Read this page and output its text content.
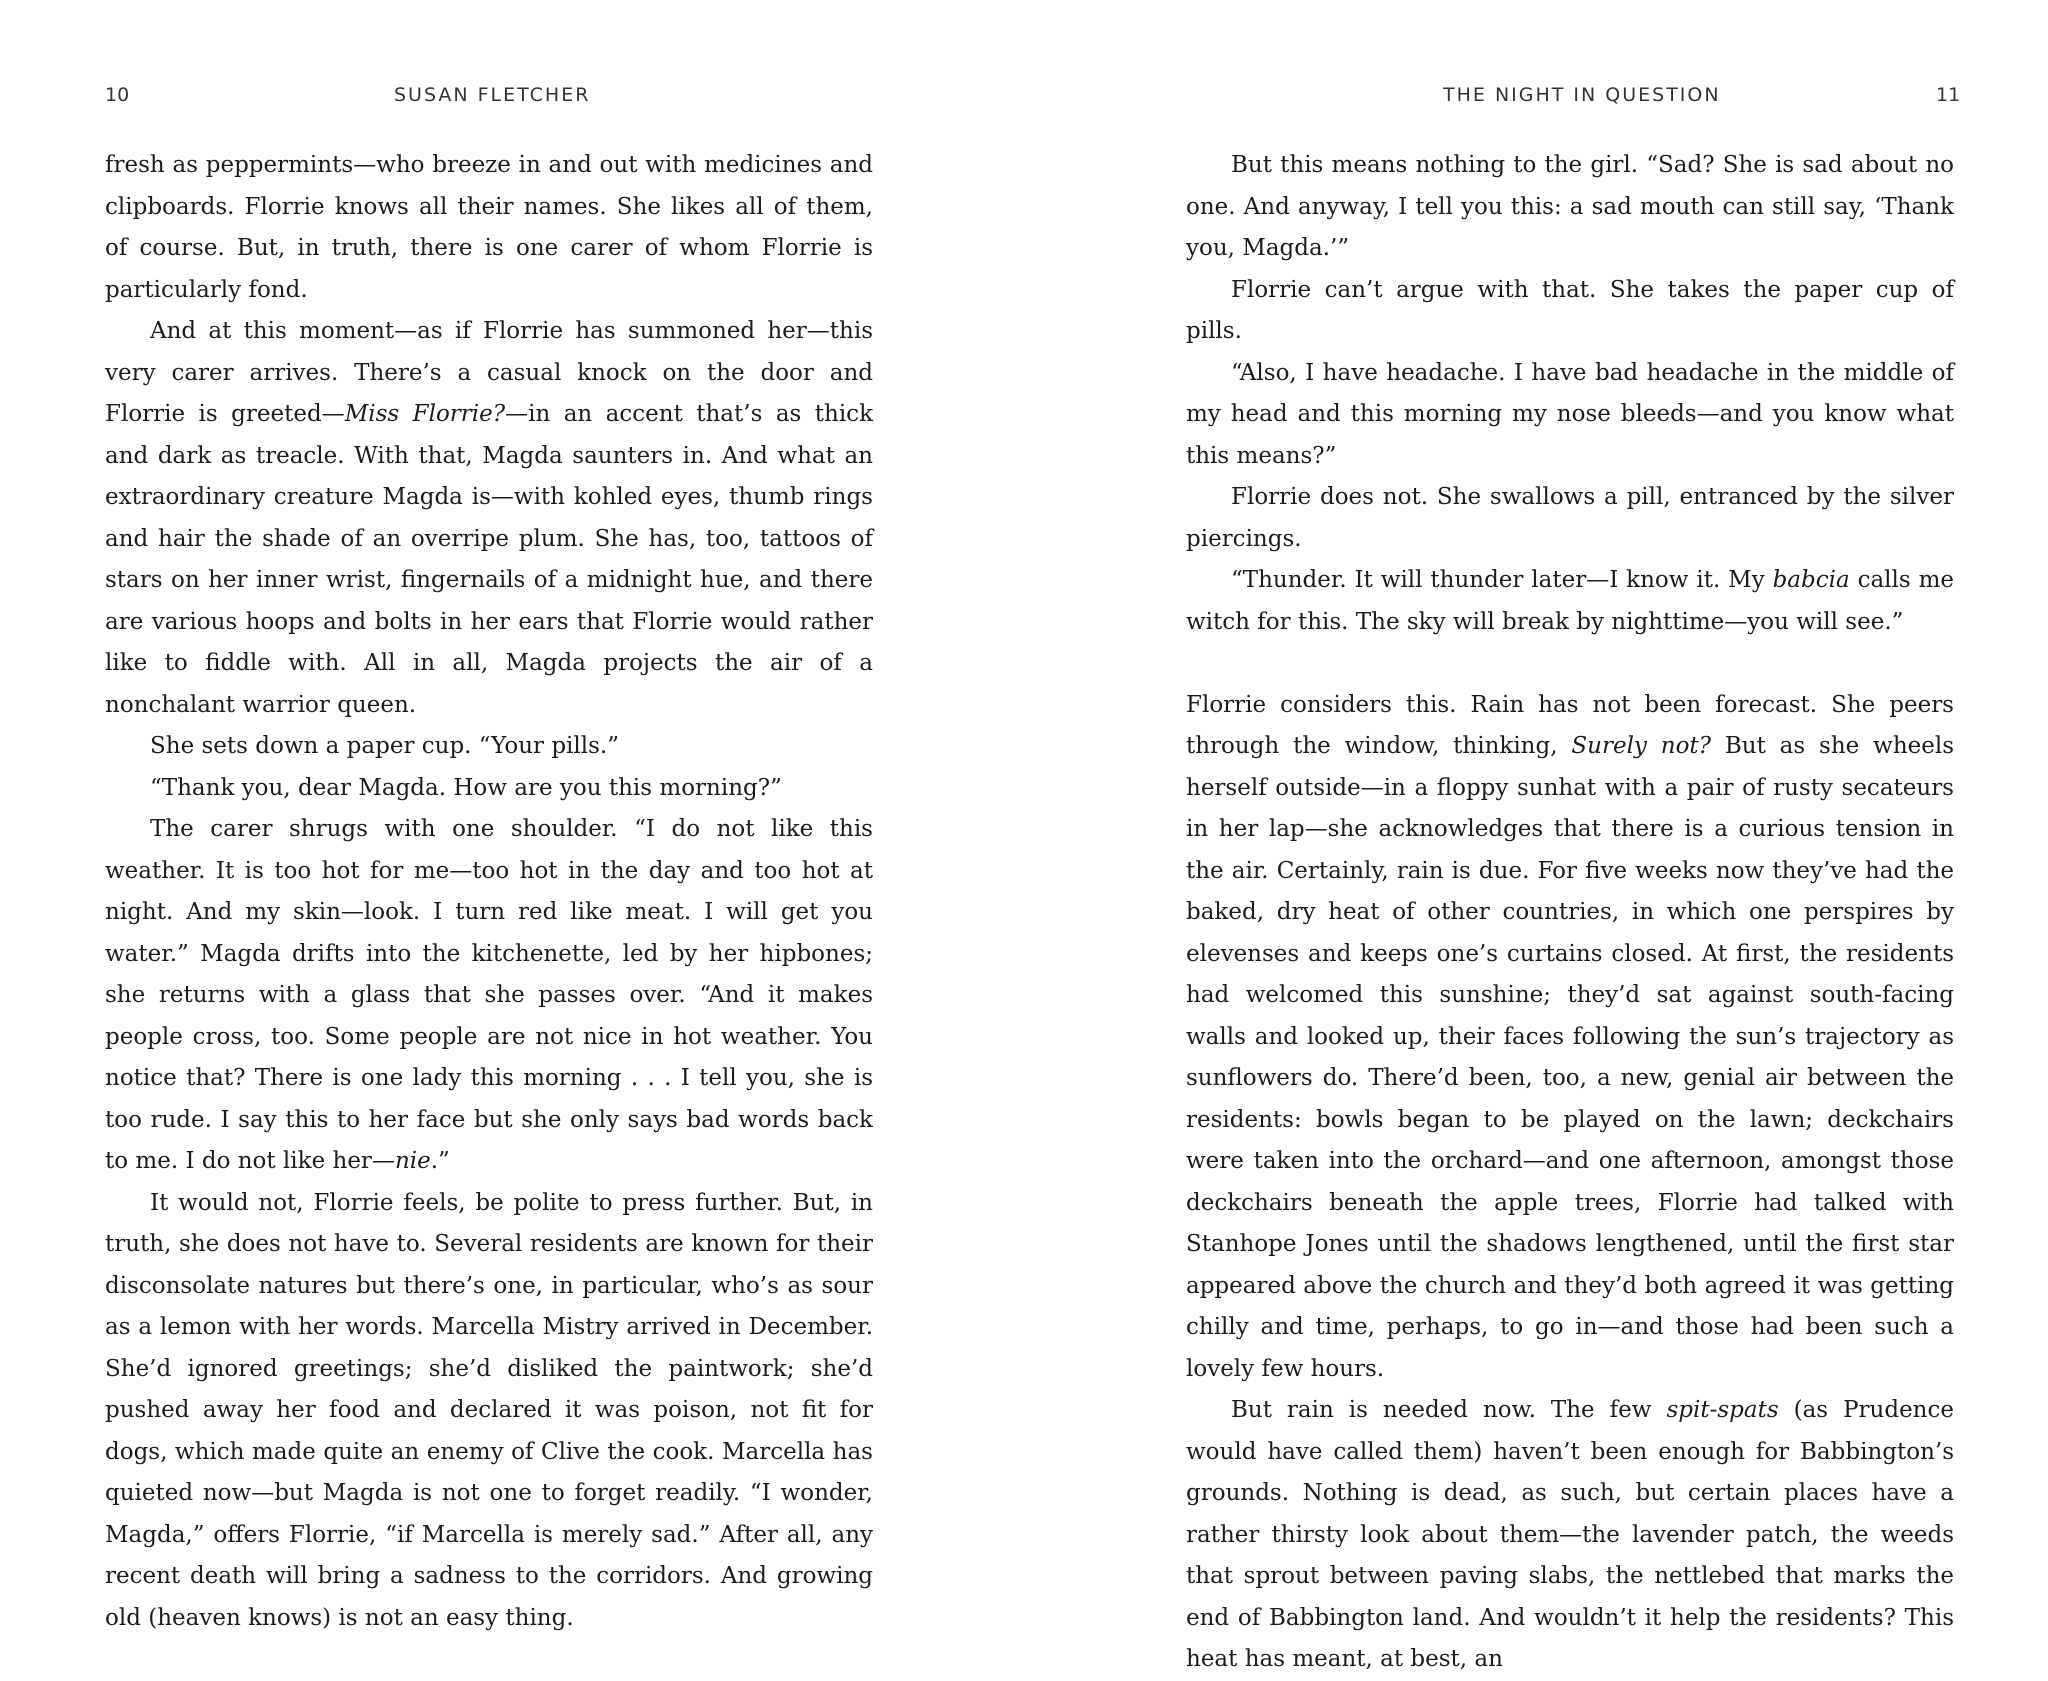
10	SUSAN FLETCHER

fresh as peppermints—who breeze in and out with medicines and clipboards. Florrie knows all their names. She likes all of them, of course. But, in truth, there is one carer of whom Florrie is particularly fond.

And at this moment—as if Florrie has summoned her—this very carer arrives. There’s a casual knock on the door and Florrie is greeted—Miss Florrie?—in an accent that’s as thick and dark as treacle. With that, Magda saunters in. And what an extraordinary creature Magda is—with kohled eyes, thumb rings and hair the shade of an overripe plum. She has, too, tattoos of stars on her inner wrist, fingernails of a midnight hue, and there are various hoops and bolts in her ears that Florrie would rather like to fiddle with. All in all, Magda projects the air of a nonchalant warrior queen.

She sets down a paper cup. “Your pills.”

“Thank you, dear Magda. How are you this morning?”

The carer shrugs with one shoulder. “I do not like this weather. It is too hot for me—too hot in the day and too hot at night. And my skin—look. I turn red like meat. I will get you water.” Magda drifts into the kitchenette, led by her hipbones; she returns with a glass that she passes over. “And it makes people cross, too. Some people are not nice in hot weather. You notice that? There is one lady this morning . . . I tell you, she is too rude. I say this to her face but she only says bad words back to me. I do not like her—nie.”

It would not, Florrie feels, be polite to press further. But, in truth, she does not have to. Several residents are known for their disconsolate natures but there’s one, in particular, who’s as sour as a lemon with her words. Marcella Mistry arrived in December. She’d ignored greetings; she’d disliked the paintwork; she’d pushed away her food and declared it was poison, not fit for dogs, which made quite an enemy of Clive the cook. Marcella has quieted now—but Magda is not one to forget readily. “I wonder, Magda,” offers Florrie, “if Marcella is merely sad.” After all, any recent death will bring a sadness to the corridors. And growing old (heaven knows) is not an easy thing.

THE NIGHT IN QUESTION	11

But this means nothing to the girl. “Sad? She is sad about no one. And anyway, I tell you this: a sad mouth can still say, ‘Thank you, Magda.’”

Florrie can’t argue with that. She takes the paper cup of pills.

“Also, I have headache. I have bad headache in the middle of my head and this morning my nose bleeds—and you know what this means?”

Florrie does not. She swallows a pill, entranced by the silver piercings.

“Thunder. It will thunder later—I know it. My babcia calls me witch for this. The sky will break by nighttime—you will see.”

Florrie considers this. Rain has not been forecast. She peers through the window, thinking, Surely not? But as she wheels herself outside—in a floppy sunhat with a pair of rusty secateurs in her lap—she acknowledges that there is a curious tension in the air. Certainly, rain is due. For five weeks now they’ve had the baked, dry heat of other countries, in which one perspires by elevenses and keeps one’s curtains closed. At first, the residents had welcomed this sunshine; they’d sat against south-facing walls and looked up, their faces following the sun’s trajectory as sunflowers do. There’d been, too, a new, genial air between the residents: bowls began to be played on the lawn; deckchairs were taken into the orchard—and one afternoon, amongst those deckchairs beneath the apple trees, Florrie had talked with Stanhope Jones until the shadows lengthened, until the first star appeared above the church and they’d both agreed it was getting chilly and time, perhaps, to go in—and those had been such a lovely few hours.

But rain is needed now. The few spit-spats (as Prudence would have called them) haven’t been enough for Babbington’s grounds. Nothing is dead, as such, but certain places have a rather thirsty look about them—the lavender patch, the weeds that sprout between paving slabs, the nettlebed that marks the end of Babbington land. And wouldn’t it help the residents? This heat has meant, at best, an
